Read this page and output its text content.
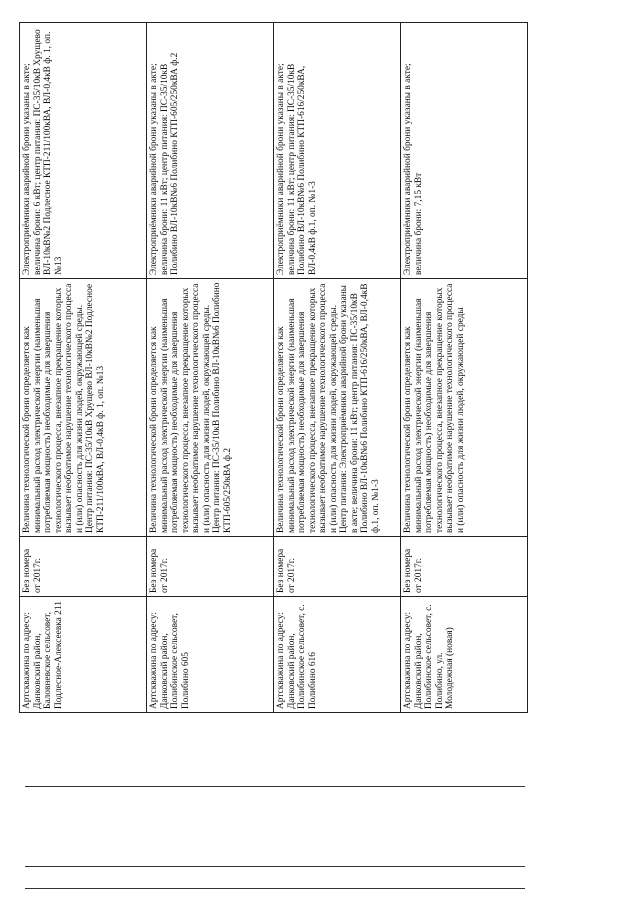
Артскважина по адресу: Данковский район, Баловневское сельсовет, Подлесное-Алексеевка 211	Без номера от 2017г.	Величина технологической брони определяется как минимальный расход электрической энергии (наименьшая потребляемая мощность) необходимые для завершения технологического процесса, внезапное прекращение которых вызывает необратимое нарушение технологического процесса и (или) опасность для жизни людей, окружающей среды. Центр питания: ПС-35/10кВ Хрущево ВЛ-10кВ№2 Подлесное КТП-211/100кВА, ВЛ-0,4кВ ф. 1, оп. №13	Электроприёмники аварийной брони указаны в акте; величина брони: 6 кВт; центр питания: ПС-35/10кВ Хрущево ВЛ-10кВ№2 Подлесное КТП-211/100кВА, ВЛ-0,4кВ ф. 1, оп. №13
Артскважина по адресу: Данковский район, Полибинское сельсовет, Полибино 605	Без номера от 2017г.	Величина технологической брони определяется как минимальный расход электрической энергии (наименьшая потребляемая мощность) необходимые для завершения технологического процесса, внезапное прекращение которых вызывает необратимое нарушение технологического процесса и (или) опасность для жизни людей, окружающей среды. Центр питания: ПС-35/10кВ Полибино ВЛ-10кВ№6 Полибино КТП-605/250кВА ф.2	Электроприёмники аварийной брони указаны в акте; величина брони: 11 кВт; центр питания: ПС-35/10кВ Полибино ВЛ-10кВ№6 Полибино КТП-605/250кВА ф.2
Артскважина по адресу: Данковский район, Полибинское сельсовет, с. Полибино 616	Без номера от 2017г.	Величина технологической брони определяется как минимальный расход электрической энергии (наименьшая потребляемая мощность) необходимые для завершения технологического процесса, внезапное прекращение которых вызывает необратимое нарушение технологического процесса и (или) опасность для жизни людей, окружающей среды. Центр питания: Электроприёмники аварийной брони указаны в акте; величина брони: 11 кВт; центр питания: ПС-35/10кВ Полибино ВЛ-10кВ№6 Полибино КТП-616/250кВА, ВЛ-0,4кВ ф.1, оп. №1-3	Электроприёмники аварийной брони указаны в акте; величина брони: 11 кВт; центр питания: ПС-35/10кВ Полибино ВЛ-10кВ№6 Полибино КТП-616/250кВА, ВЛ-0,4кВ ф.1, оп. №1-3
Артскважина по адресу: Данковский район, Полибинское сельсовет, с. Полибино, ул. Молодежная (новая)	Без номера от 2017г.	Величина технологической брони определяется как минимальный расход электрической энергии (наименьшая потребляемая мощность) необходимые для завершения технологического процесса, внезапное прекращение которых вызывает необратимое нарушение технологического процесса и (или) опасность для жизни людей, окружающей среды	Электроприёмники аварийной брони указаны в акте; величина брони: 7,15 кВт
